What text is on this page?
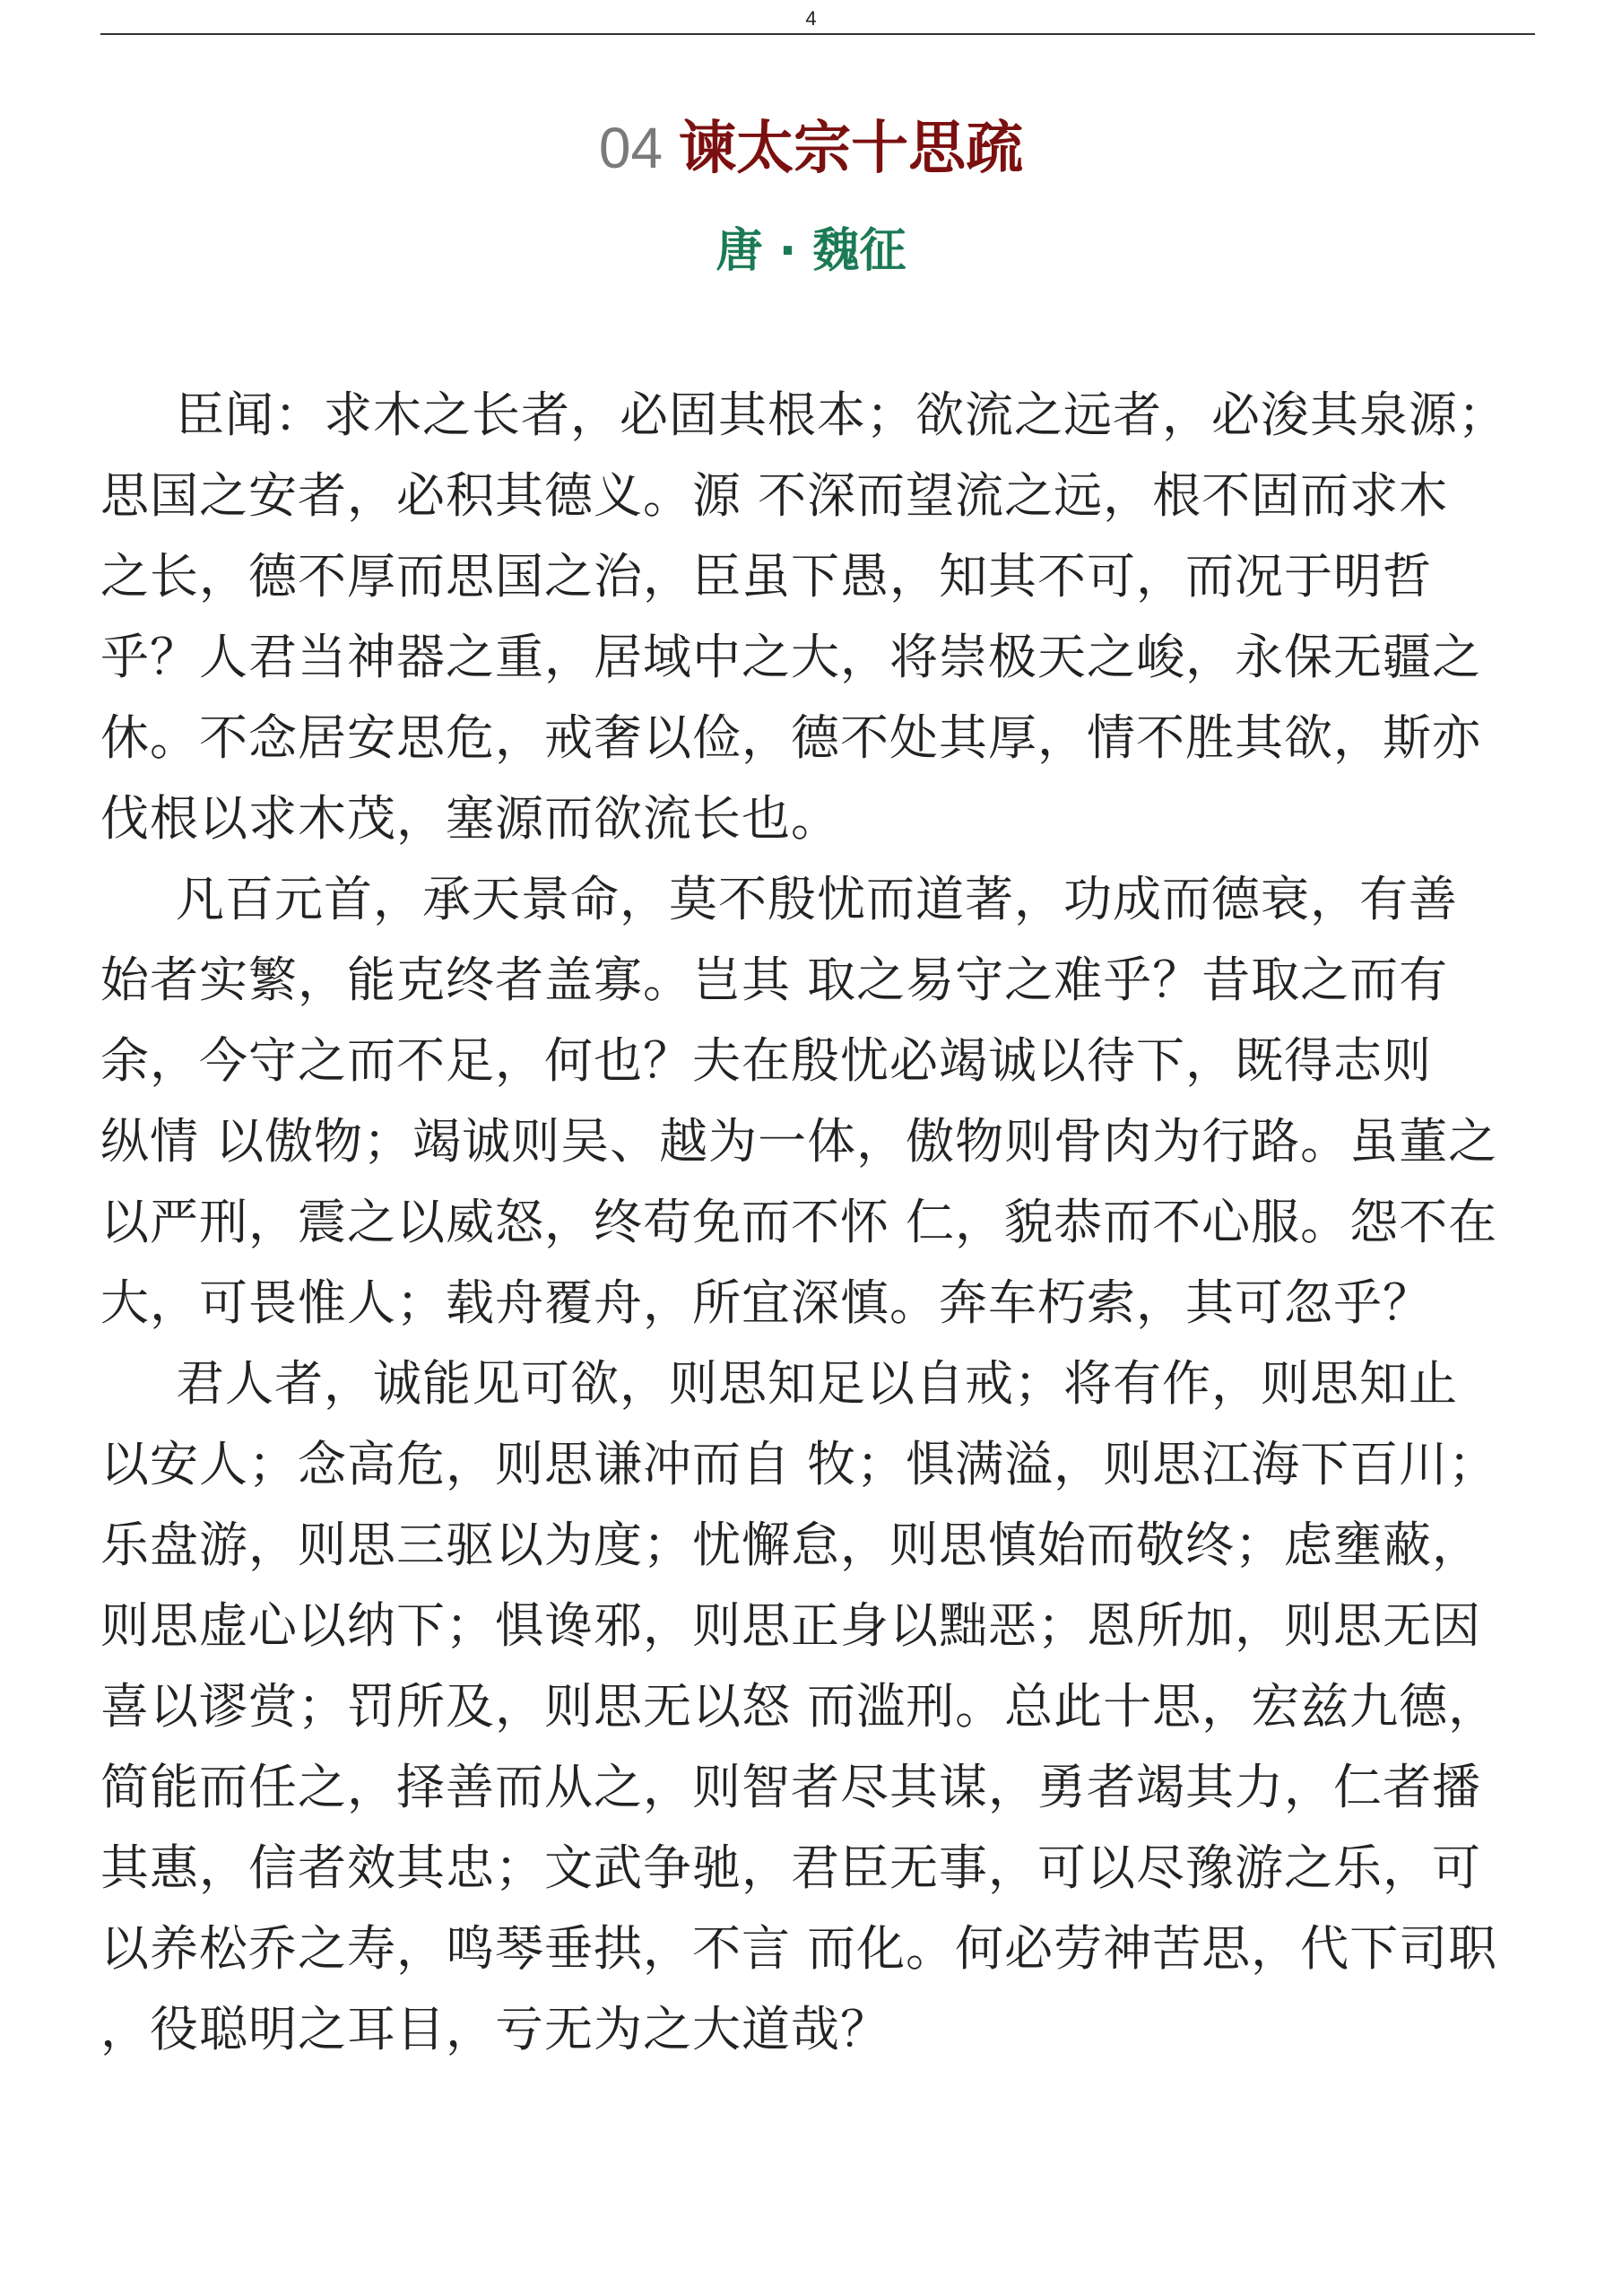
4
04 谏太宗十思疏
唐 · 魏征
臣闻：求木之长者，必固其根本；欲流之远者，必浚其泉源；
思国之安者，必积其德义。源 不深而望流之远，根不固而求木
之长，德不厚而思国之治，臣虽下愚，知其不可，而况于明哲
乎？人君当神器之重，居域中之大，将崇极天之峻，永保无疆之
休。不念居安思危，戒奢以俭，德不处其厚，情不胜其欲，斯亦
伐根以求木茂，塞源而欲流长也。
凡百元首，承天景命，莫不殷忧而道著，功成而德衰，有善
始者实繁，能克终者盖寡。岂其 取之易守之难乎？昔取之而有
余，今守之而不足，何也？夫在殷忧必竭诚以待下，既得志则
纵情 以傲物；竭诚则吴、越为一体，傲物则骨肉为行路。虽董之
以严刑，震之以威怒，终苟免而不怀 仁，貌恭而不心服。怨不在
大，可畏惟人；载舟覆舟，所宜深慎。奔车朽索，其可忽乎？
君人者，诚能见可欲，则思知足以自戒；将有作，则思知止
以安人；念高危，则思谦冲而自 牧；惧满溢，则思江海下百川；
乐盘游，则思三驱以为度；忧懈怠，则思慎始而敬终；虑壅蔽，
则思虚心以纳下；惧谗邪，则思正身以黜恶；恩所加，则思无因
喜以谬赏；罚所及，则思无以怒 而滥刑。总此十思，宏兹九德，
简能而任之，择善而从之，则智者尽其谋，勇者竭其力，仁者播
其惠，信者效其忠；文武争驰，君臣无事，可以尽豫游之乐，可
以养松乔之寿，鸣琴垂拱，不言 而化。何必劳神苦思，代下司职
，役聪明之耳目，亏无为之大道哉？
